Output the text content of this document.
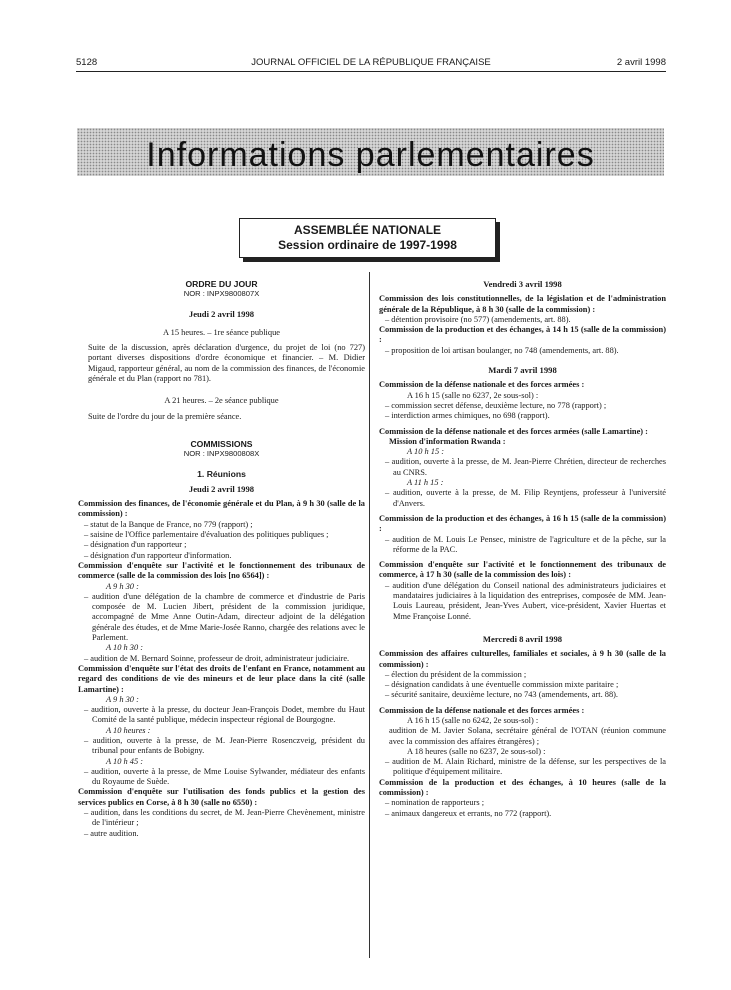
5128	JOURNAL OFFICIEL DE LA RÉPUBLIQUE FRANÇAISE	2 avril 1998
Informations parlementaires
ASSEMBLÉE NATIONALE
Session ordinaire de 1997-1998
ORDRE DU JOUR
NOR : INPX9800807X
Jeudi 2 avril 1998
A 15 heures. – 1re séance publique
Suite de la discussion, après déclaration d'urgence, du projet de loi (no 727) portant diverses dispositions d'ordre économique et financier. – M. Didier Migaud, rapporteur général, au nom de la commission des finances, de l'économie générale et du Plan (rapport no 781).
A 21 heures. – 2e séance publique
Suite de l'ordre du jour de la première séance.
COMMISSIONS
NOR : INPX9800808X
1. Réunions
Jeudi 2 avril 1998
Commission des finances, de l'économie générale et du Plan, à 9 h 30 (salle de la commission) :
– statut de la Banque de France, no 779 (rapport) ;
– saisine de l'Office parlementaire d'évaluation des politiques publiques ;
– désignation d'un rapporteur ;
– désignation d'un rapporteur d'information.
Commission d'enquête sur l'activité et le fonctionnement des tribunaux de commerce (salle de la commission des lois [no 6564]) :
A 9 h 30 :
– audition d'une délégation de la chambre de commerce et d'industrie de Paris composée de M. Lucien Jibert, président de la commission juridique, accompagné de Mme Anne Outin-Adam, directeur adjoint de la délégation générale des études, et de Mme Marie-Josée Ranno, chargée des relations avec le Parlement.
A 10 h 30 :
– audition de M. Bernard Soinne, professeur de droit, administrateur judiciaire.
Commission d'enquête sur l'état des droits de l'enfant en France, notamment au regard des conditions de vie des mineurs et de leur place dans la cité (salle Lamartine) :
A 9 h 30 :
– audition, ouverte à la presse, du docteur Jean-François Dodet, membre du Haut Comité de la santé publique, médecin inspecteur régional de Bourgogne.
A 10 heures :
– audition, ouverte à la presse, de M. Jean-Pierre Rosenczveig, président du tribunal pour enfants de Bobigny.
A 10 h 45 :
– audition, ouverte à la presse, de Mme Louise Sylwander, médiateur des enfants du Royaume de Suède.
Commission d'enquête sur l'utilisation des fonds publics et la gestion des services publics en Corse, à 8 h 30 (salle no 6550) :
– audition, dans les conditions du secret, de M. Jean-Pierre Chevènement, ministre de l'intérieur ;
– autre audition.
Vendredi 3 avril 1998
Commission des lois constitutionnelles, de la législation et de l'administration générale de la République, à 8 h 30 (salle de la commission) :
– détention provisoire (no 577) (amendements, art. 88).
Commission de la production et des échanges, à 14 h 15 (salle de la commission) :
– proposition de loi artisan boulanger, no 748 (amendements, art. 88).
Mardi 7 avril 1998
Commission de la défense nationale et des forces armées :
A 16 h 15 (salle no 6237, 2e sous-sol) :
– commission secret défense, deuxième lecture, no 778 (rapport) ;
– interdiction armes chimiques, no 698 (rapport).
Commission de la défense nationale et des forces armées (salle Lamartine) :
Mission d'information Rwanda :
A 10 h 15 :
– audition, ouverte à la presse, de M. Jean-Pierre Chrétien, directeur de recherches au CNRS.
A 11 h 15 :
– audition, ouverte à la presse, de M. Filip Reyntjens, professeur à l'université d'Anvers.
Commission de la production et des échanges, à 16 h 15 (salle de la commission) :
– audition de M. Louis Le Pensec, ministre de l'agriculture et de la pêche, sur la réforme de la PAC.
Commission d'enquête sur l'activité et le fonctionnement des tribunaux de commerce, à 17 h 30 (salle de la commission des lois) :
– audition d'une délégation du Conseil national des administrateurs judiciaires et mandataires judiciaires à la liquidation des entreprises, composée de MM. Jean-Louis Laureau, président, Jean-Yves Aubert, vice-président, Xavier Huertas et Mme Françoise Lonné.
Mercredi 8 avril 1998
Commission des affaires culturelles, familiales et sociales, à 9 h 30 (salle de la commission) :
– élection du président de la commission ;
– désignation candidats à une éventuelle commission mixte paritaire ;
– sécurité sanitaire, deuxième lecture, no 743 (amendements, art. 88).
Commission de la défense nationale et des forces armées :
A 16 h 15 (salle no 6242, 2e sous-sol) :
audition de M. Javier Solana, secrétaire général de l'OTAN (réunion commune avec la commission des affaires étrangères) ;
A 18 heures (salle no 6237, 2e sous-sol) :
– audition de M. Alain Richard, ministre de la défense, sur les perspectives de la politique d'équipement militaire.
Commission de la production et des échanges, à 10 heures (salle de la commission) :
– nomination de rapporteurs ;
– animaux dangereux et errants, no 772 (rapport).
